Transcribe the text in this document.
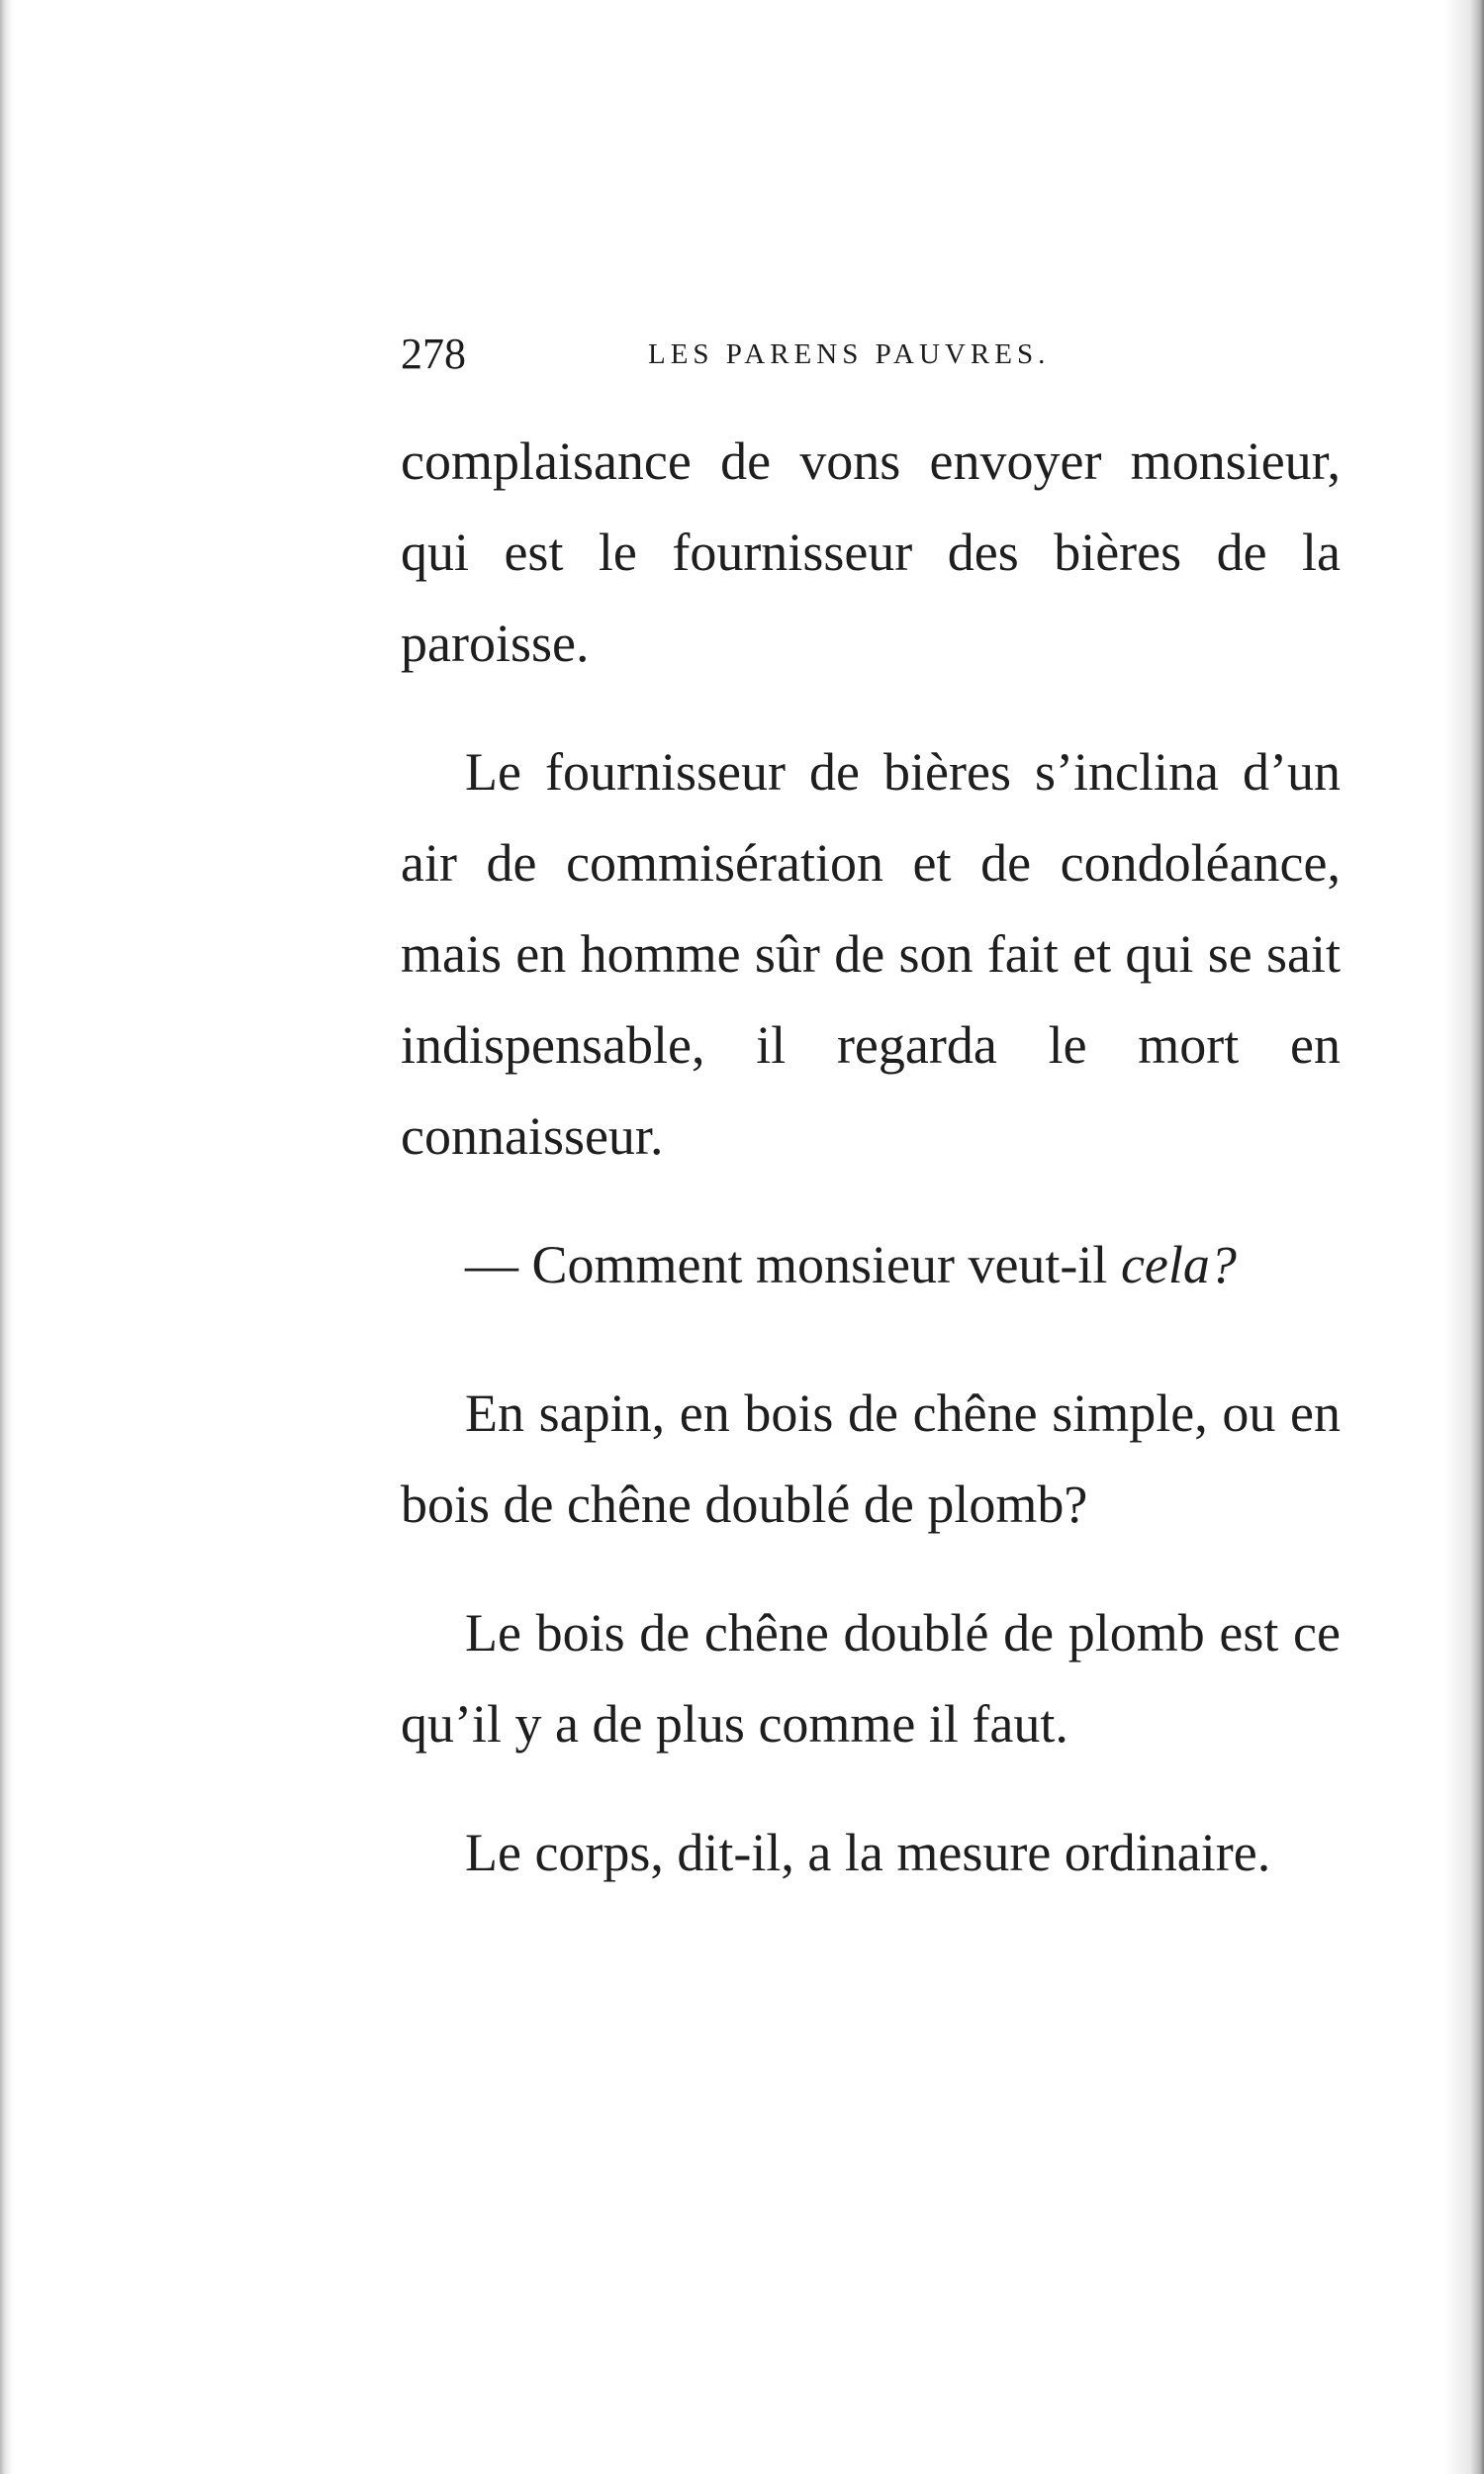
278	LES PARENS PAUVRES.

complaisance de vons envoyer monsieur, qui est le fournisseur des bières de la paroisse.

Le fournisseur de bières s’inclina d’un air de commisération et de condoléance, mais en homme sûr de son fait et qui se sait indispensable, il regarda le mort en connaisseur.

— Comment monsieur veut-il cela?

En sapin, en bois de chêne simple, ou en bois de chêne doublé de plomb?

Le bois de chêne doublé de plomb est ce qu’il y a de plus comme il faut.

Le corps, dit-il, a la mesure ordinaire.
